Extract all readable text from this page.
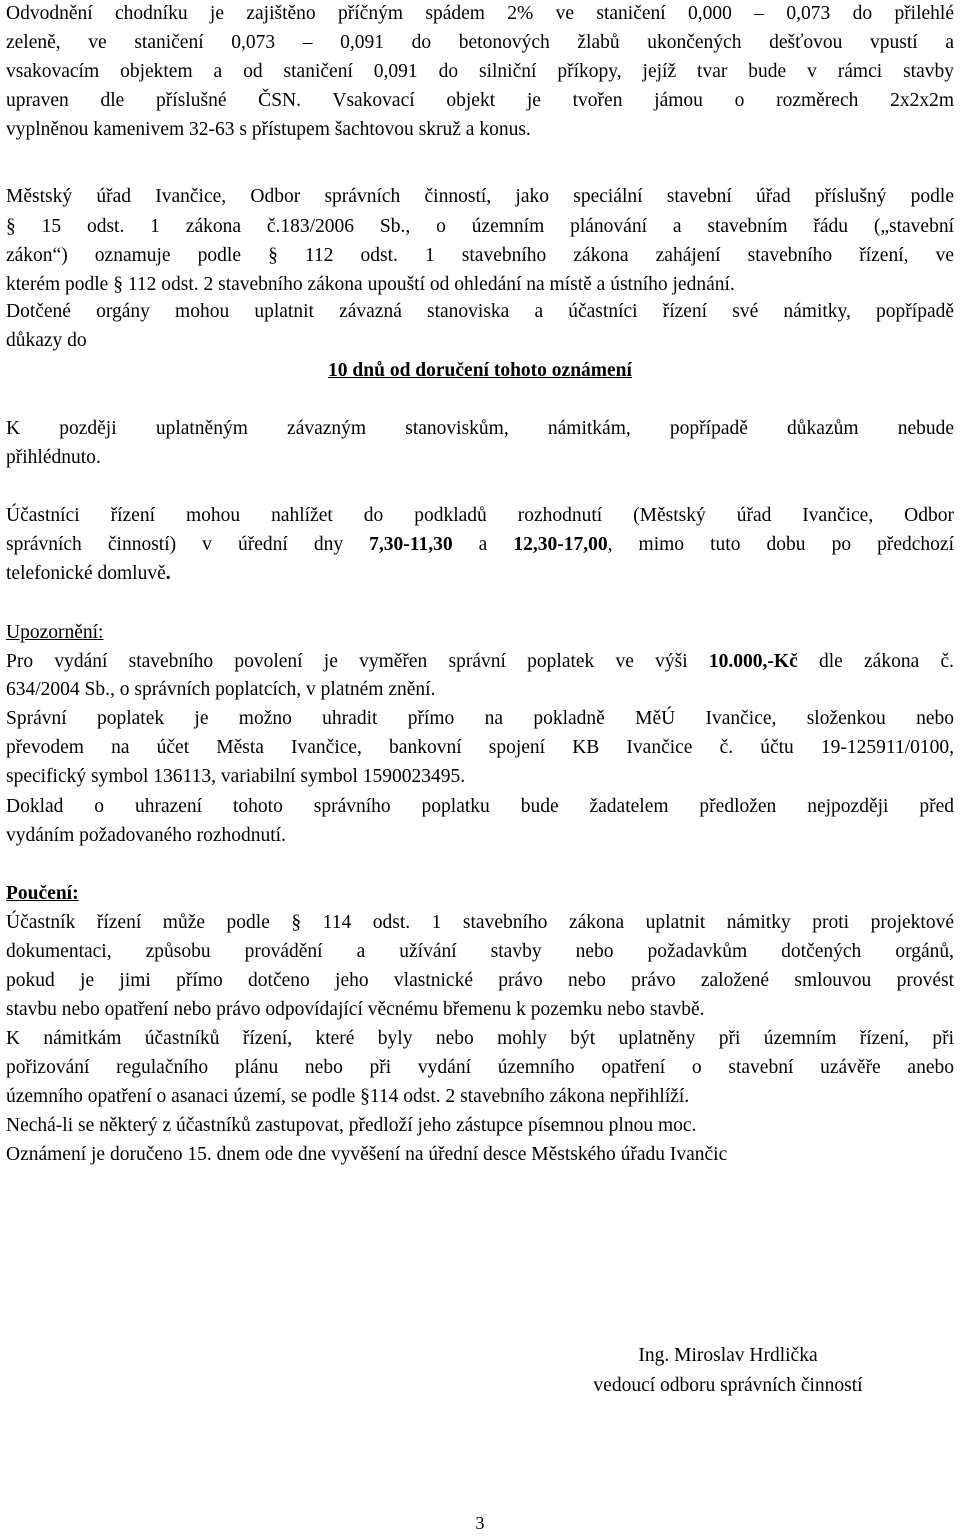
Odvodnění chodníku je zajištěno příčným spádem 2% ve staničení 0,000 – 0,073 do přilehlé
zeleně, ve staničení 0,073 – 0,091 do betonových žlabů ukončených dešťovou vpustí a
vsakovacím objektem a od staničení 0,091 do silniční příkopy, jejíž tvar bude v rámci stavby
upraven dle příslušné ČSN. Vsakovací objekt je tvořen jámou o rozměrech 2x2x2m
vyplněnou kamenivem 32-63 s přístupem šachtovou skruž a konus.
Městský úřad Ivančice, Odbor správních činností, jako speciální stavební úřad příslušný podle
§ 15 odst. 1 zákona č.183/2006 Sb., o územním plánování a stavebním řádu („stavební
zákon“) oznamuje podle § 112 odst. 1 stavebního zákona zahájení stavebního řízení, ve
kterém podle § 112 odst. 2 stavebního zákona upouští od ohledání na místě a ústního jednání.
Dotčené orgány mohou uplatnit závazná stanoviska a účastníci řízení své námitky, popřípadě
důkazy do
10 dnů od doručení tohoto oznámení
K později uplatněným závazným stanoviskům, námitkám, popřípadě důkazům nebude
přihlédnuto.
Účastníci řízení mohou nahlížet do podkladů rozhodnutí (Městský úřad Ivančice, Odbor
správních činností) v úřední dny 7,30-11,30 a 12,30-17,00, mimo tuto dobu po předchozí
telefonické domluvě.
Upozornění:
Pro vydání stavebního povolení je vyměřen správní poplatek ve výši 10.000,-Kč dle zákona č.
634/2004 Sb., o správních poplatcích, v platném znění.
Správní poplatek je možno uhradit přímo na pokladně MěÚ Ivančice, složenkou nebo
převodem na účet Města Ivančice, bankovní spojení KB Ivančice č. účtu 19-125911/0100,
specifický symbol 136113, variabilní symbol 1590023495.
Doklad o uhrazení tohoto správního poplatku bude žadatelem předložen nejpozději před
vydáním požadovaného rozhodnutí.
Poučení:
Účastník řízení může podle § 114 odst. 1 stavebního zákona uplatnit námitky proti projektové
dokumentaci, způsobu provádění a užívání stavby nebo požadavkům dotčených orgánů,
pokud je jimi přímo dotčeno jeho vlastnické právo nebo právo založené smlouvou provést
stavbu nebo opatření nebo právo odpovídající věcnému břemenu k pozemku nebo stavbě.
K námitkám účastníků řízení, které byly nebo mohly být uplatněny při územním řízení, při
pořizování regulačního plánu nebo při vydání územního opatření o stavební uzávěře anebo
územního opatření o asanaci území, se podle §114 odst. 2 stavebního zákona nepřihlíží.
Nechá-li se některý z účastníků zastupovat, předloží jeho zástupce písemnou plnou moc.
Oznámení je doručeno 15. dnem ode dne vyvěšení na úřední desce Městského úřadu Ivančic
Ing. Miroslav Hrdlička
vedoucí odboru správních činností
3
